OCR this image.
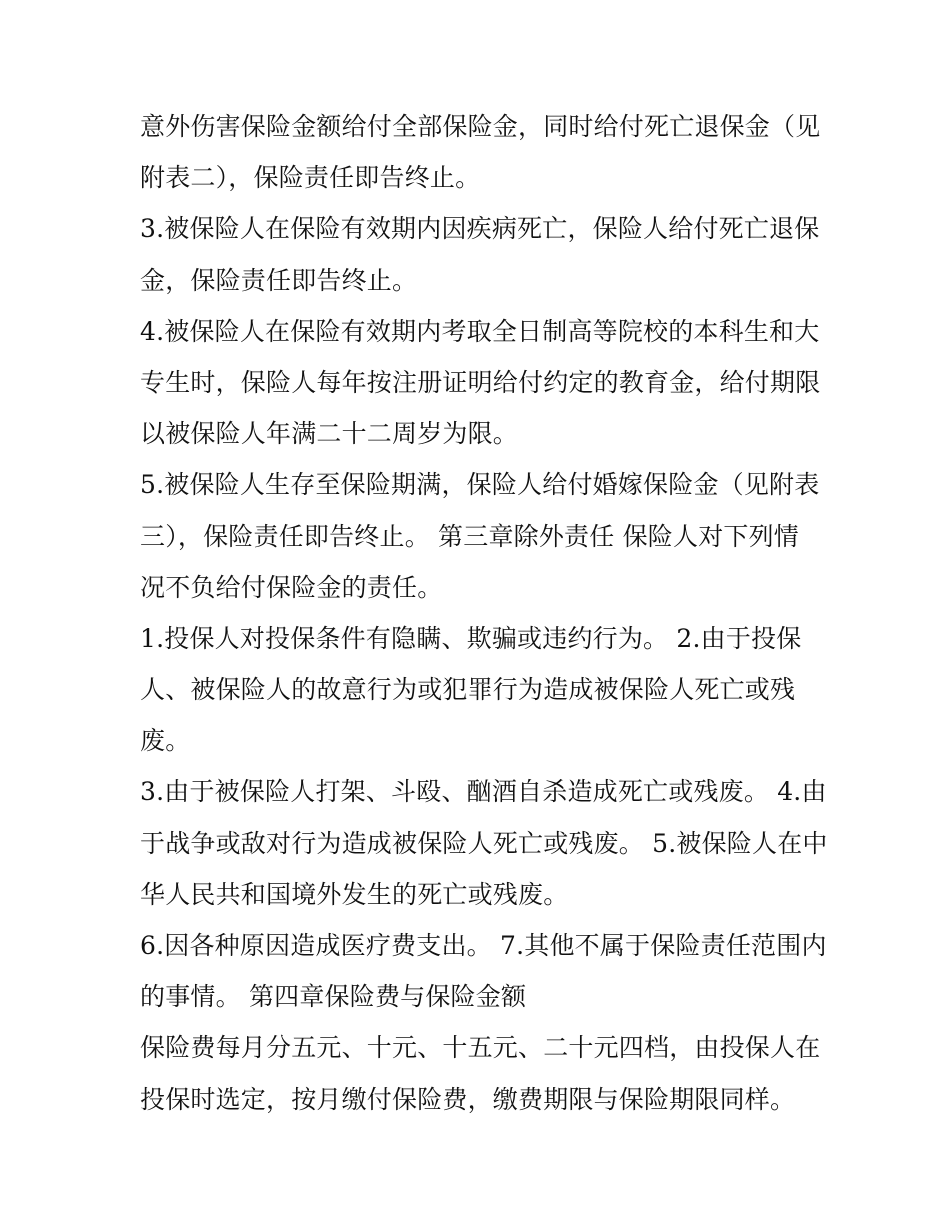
意外伤害保险金额给付全部保险金，同时给付死亡退保金（见
附表二），保险责任即告终止。
3.被保险人在保险有效期内因疾病死亡，保险人给付死亡退保
金，保险责任即告终止。
4.被保险人在保险有效期内考取全日制高等院校的本科生和大
专生时，保险人每年按注册证明给付约定的教育金，给付期限
以被保险人年满二十二周岁为限。
5.被保险人生存至保险期满，保险人给付婚嫁保险金（见附表
三），保险责任即告终止。 第三章除外责任 保险人对下列情
况不负给付保险金的责任。
1.投保人对投保条件有隐瞒、欺骗或违约行为。 2.由于投保
人、被保险人的故意行为或犯罪行为造成被保险人死亡或残
废。
3.由于被保险人打架、斗殴、酗酒自杀造成死亡或残废。 4.由
于战争或敌对行为造成被保险人死亡或残废。 5.被保险人在中
华人民共和国境外发生的死亡或残废。
6.因各种原因造成医疗费支出。 7.其他不属于保险责任范围内
的事情。 第四章保险费与保险金额
保险费每月分五元、十元、十五元、二十元四档，由投保人在
投保时选定，按月缴付保险费，缴费期限与保险期限同样。
